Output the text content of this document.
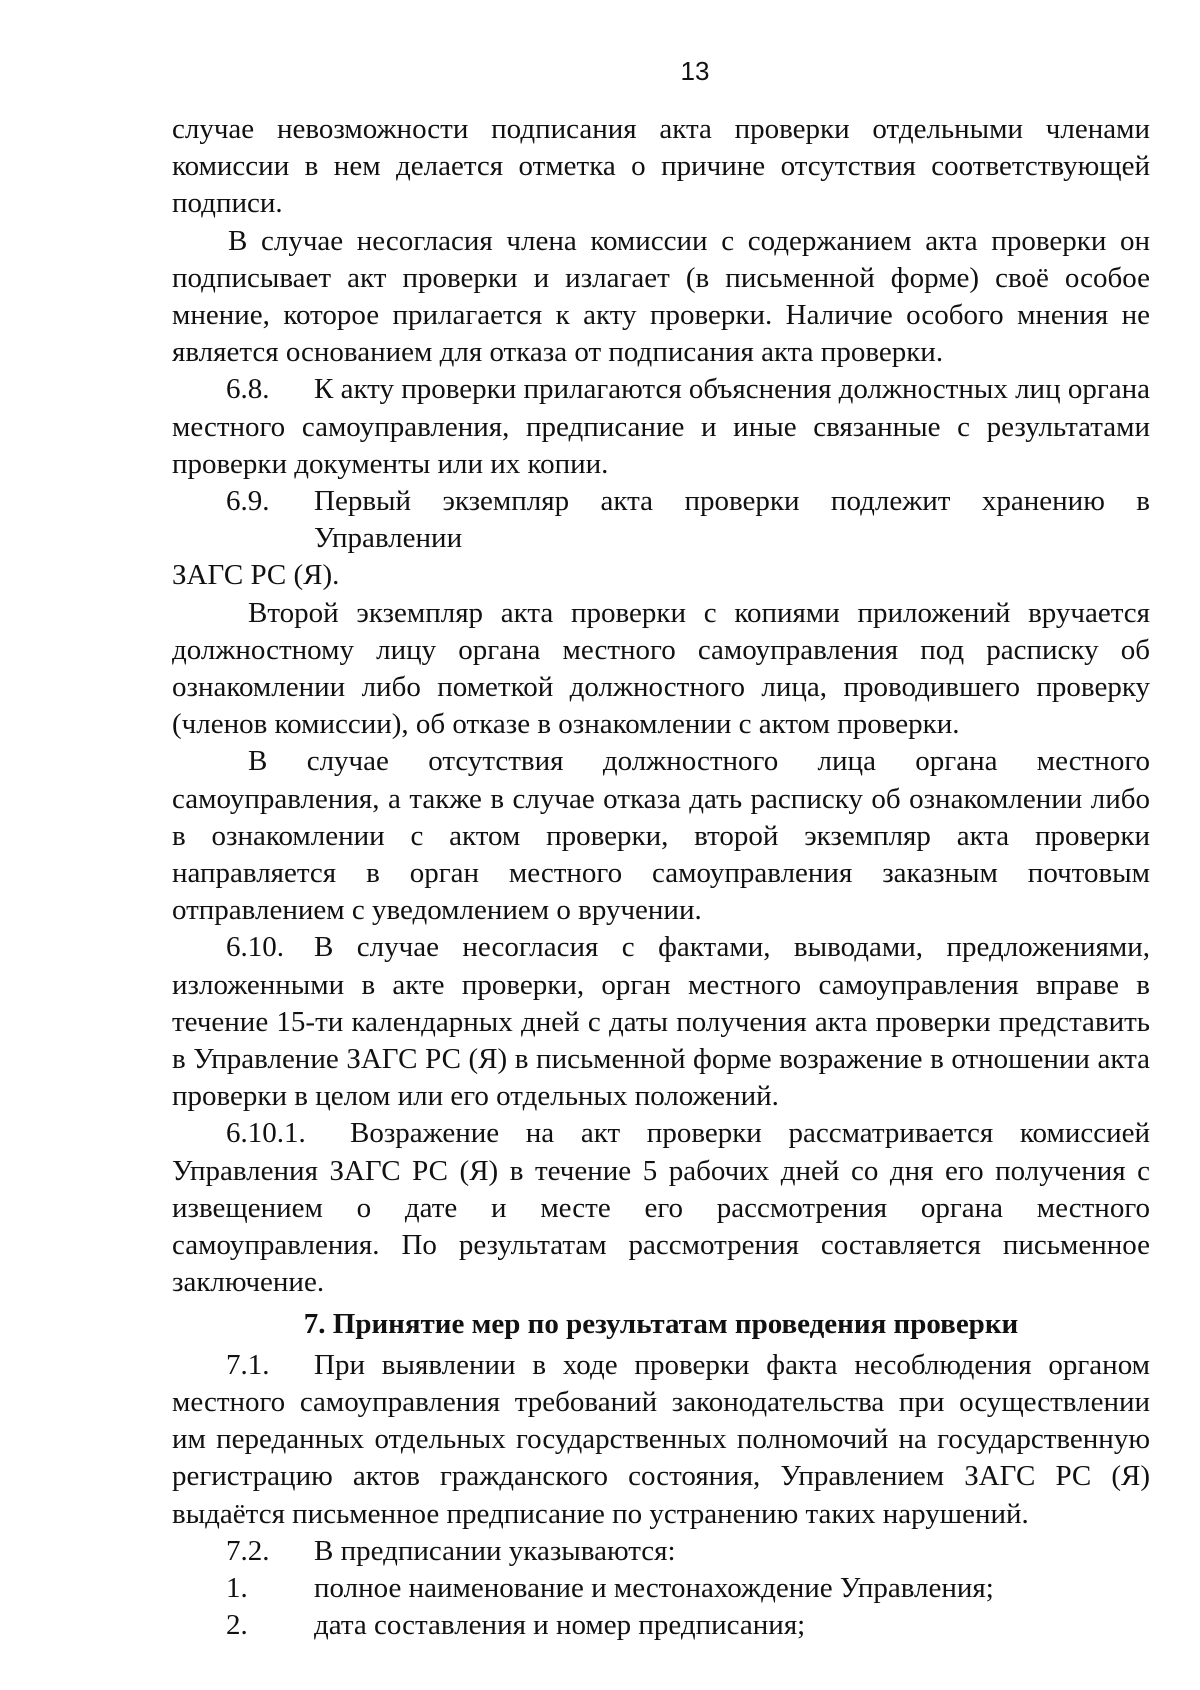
13

случае невозможности подписания акта проверки отдельными членами комиссии в нем делается отметка о причине отсутствия соответствующей подписи.

В случае несогласия члена комиссии с содержанием акта проверки он подписывает акт проверки и излагает (в письменной форме) своё особое мнение, которое прилагается к акту проверки. Наличие особого мнения не является основанием для отказа от подписания акта проверки.

6.8.	К акту проверки прилагаются объяснения должностных лиц органа

местного самоуправления, предписание и иные связанные с результатами проверки документы или их копии.

6.9.	Первый экземпляр акта проверки подлежит хранению в Управлении

ЗАГС РС (Я).

Второй экземпляр акта проверки с копиями приложений вручается должностному лицу органа местного самоуправления под расписку об ознакомлении либо пометкой должностного лица, проводившего проверку (членов комиссии), об отказе в ознакомлении с актом проверки.

В случае отсутствия должностного лица органа местного самоуправления, а также в случае отказа дать расписку об ознакомлении либо в ознакомлении с актом проверки, второй экземпляр акта проверки направляется в орган местного самоуправления заказным почтовым отправлением с уведомлением о вручении.

6.10.	В случае несогласия с фактами, выводами, предложениями,

изложенными в акте проверки, орган местного самоуправления вправе в течение 15-ти календарных дней с даты получения акта проверки представить в Управление ЗАГС РС (Я) в письменной форме возражение в отношении акта проверки в целом или его отдельных положений.

6.10.1.	Возражение на акт проверки рассматривается комиссией

Управления ЗАГС РС (Я) в течение 5 рабочих дней со дня его получения с извещением о дате и месте его рассмотрения органа местного самоуправления. По результатам рассмотрения составляется письменное заключение.

7. Принятие мер по результатам проведения проверки

7.1.	При выявлении в ходе проверки факта несоблюдения органом

местного самоуправления требований законодательства при осуществлении им переданных отдельных государственных полномочий на государственную регистрацию актов гражданского состояния, Управлением ЗАГС РС (Я) выдаётся письменное предписание по устранению таких нарушений.

7.2.	В предписании указываются:
1.	полное наименование и местонахождение Управления;
2.	дата составления и номер предписания;
